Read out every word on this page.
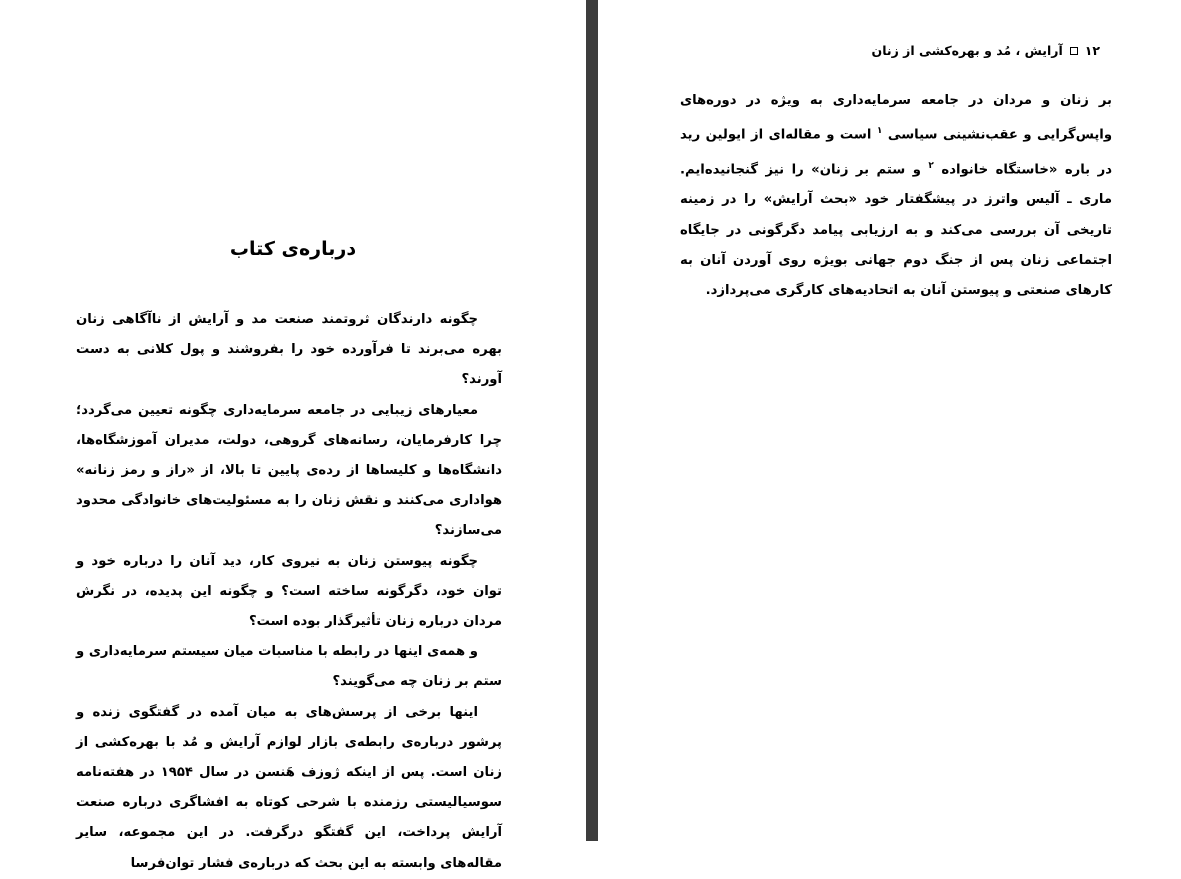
درباره‌ی کتاب

چگونه دارندگان ثروتمند صنعت مد و آرایش از ناآگاهی زنان بهره می‌برند تا فرآورده خود را بفروشند و پول کلانی به دست آورند؟

معیارهای زیبایی در جامعه سرمایه‌داری چگونه تعیین می‌گردد؛ چرا کارفرمایان، رسانه‌های گروهی، دولت، مدیران آموزشگاه‌ها، دانشگاه‌ها و کلیساها از رده‌ی پایین تا بالا، از «راز و رمز زنانه» هواداری می‌کنند و نقش زنان را به مسئولیت‌های خانوادگی محدود می‌سازند؟

چگونه پیوستن زنان به نیروی کار، دید آنان را درباره خود و توان خود، دگرگونه ساخته است؟ و چگونه این پدیده، در نگرش مردان درباره زنان تأثیرگذار بوده است؟

و همه‌ی اینها در رابطه با مناسبات میان سیستم سرمایه‌داری و ستم بر زنان چه می‌گویند؟

اینها برخی از پرسش‌های به میان آمده در گفتگوی زنده و پرشور درباره‌ی رابطه‌ی بازار لوازم آرایش و مُد با بهره‌کشی از زنان است. پس از اینکه ژوزف هَنسن در سال ۱۹۵۴ در هفته‌نامه سوسیالیستی رزمنده با شرحی کوتاه به افشاگری درباره صنعت آرایش پرداخت، این گفتگو درگرفت. در این مجموعه، سایر مقاله‌های وابسته به این بحث که درباره‌ی فشار توان‌فرسا

۱۲
آرایش ، مُد و بهره‌کشی از زنان

بر زنان و مردان در جامعه سرمایه‌داری به ویژه در دوره‌های واپس‌گرایی و عقب‌نشینی سیاسی $^۱$ است و مقاله‌ای از ایولین رید در باره «خاستگاه خانواده $^۲$ و ستم بر زنان» را نیز گنجانیده‌ایم. ماری ـ آلیس واترز در پیشگفتار خود «بحث آرایش» را در زمینه تاریخی آن بررسی می‌کند و به ارزیابی پیامد دگرگونی در جایگاه اجتماعی زنان پس از جنگ دوم جهانی بویژه روی آوردن آنان به کارهای صنعتی و پیوستن آنان به اتحادیه‌های کارگری می‌پردازد.
